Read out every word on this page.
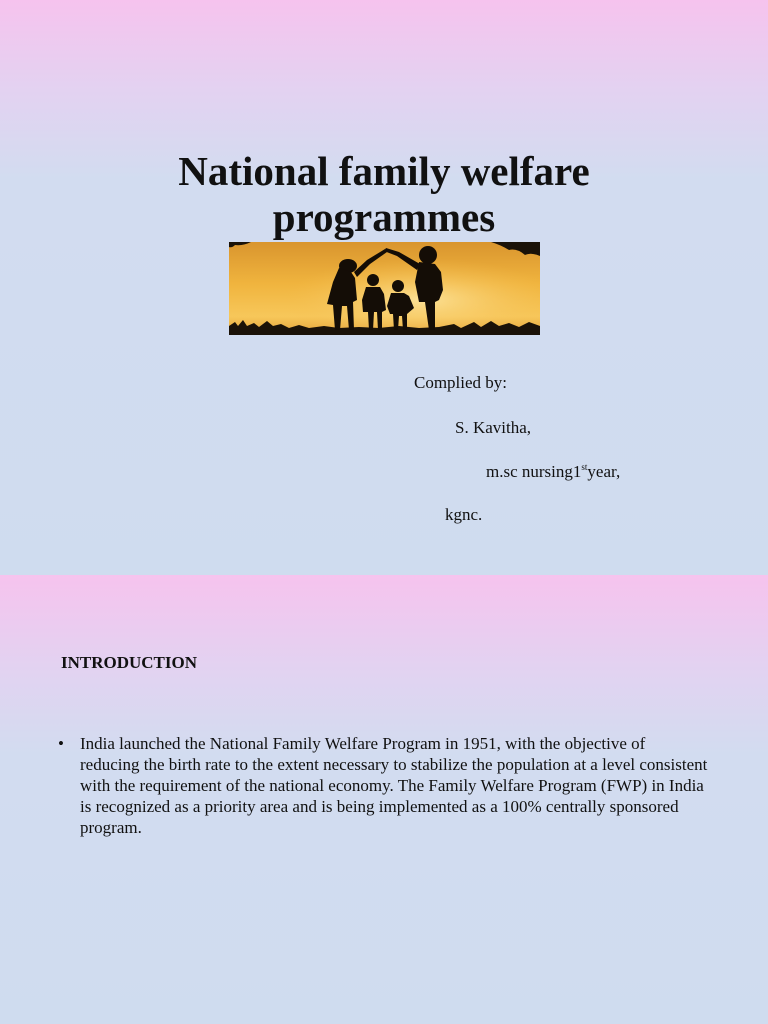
National family welfare
programmes
Complied by:
S. Kavitha,
m.sc nursing1styear,
kgnc.
INTRODUCTION
• India launched the National Family Welfare Program in 1951, with the objective of reducing the birth rate to the extent necessary to stabilize the population at a level consistent with the requirement of the national economy. The Family Welfare Program (FWP) in India is recognized as a priority area and is being implemented as a 100% centrally sponsored program.
